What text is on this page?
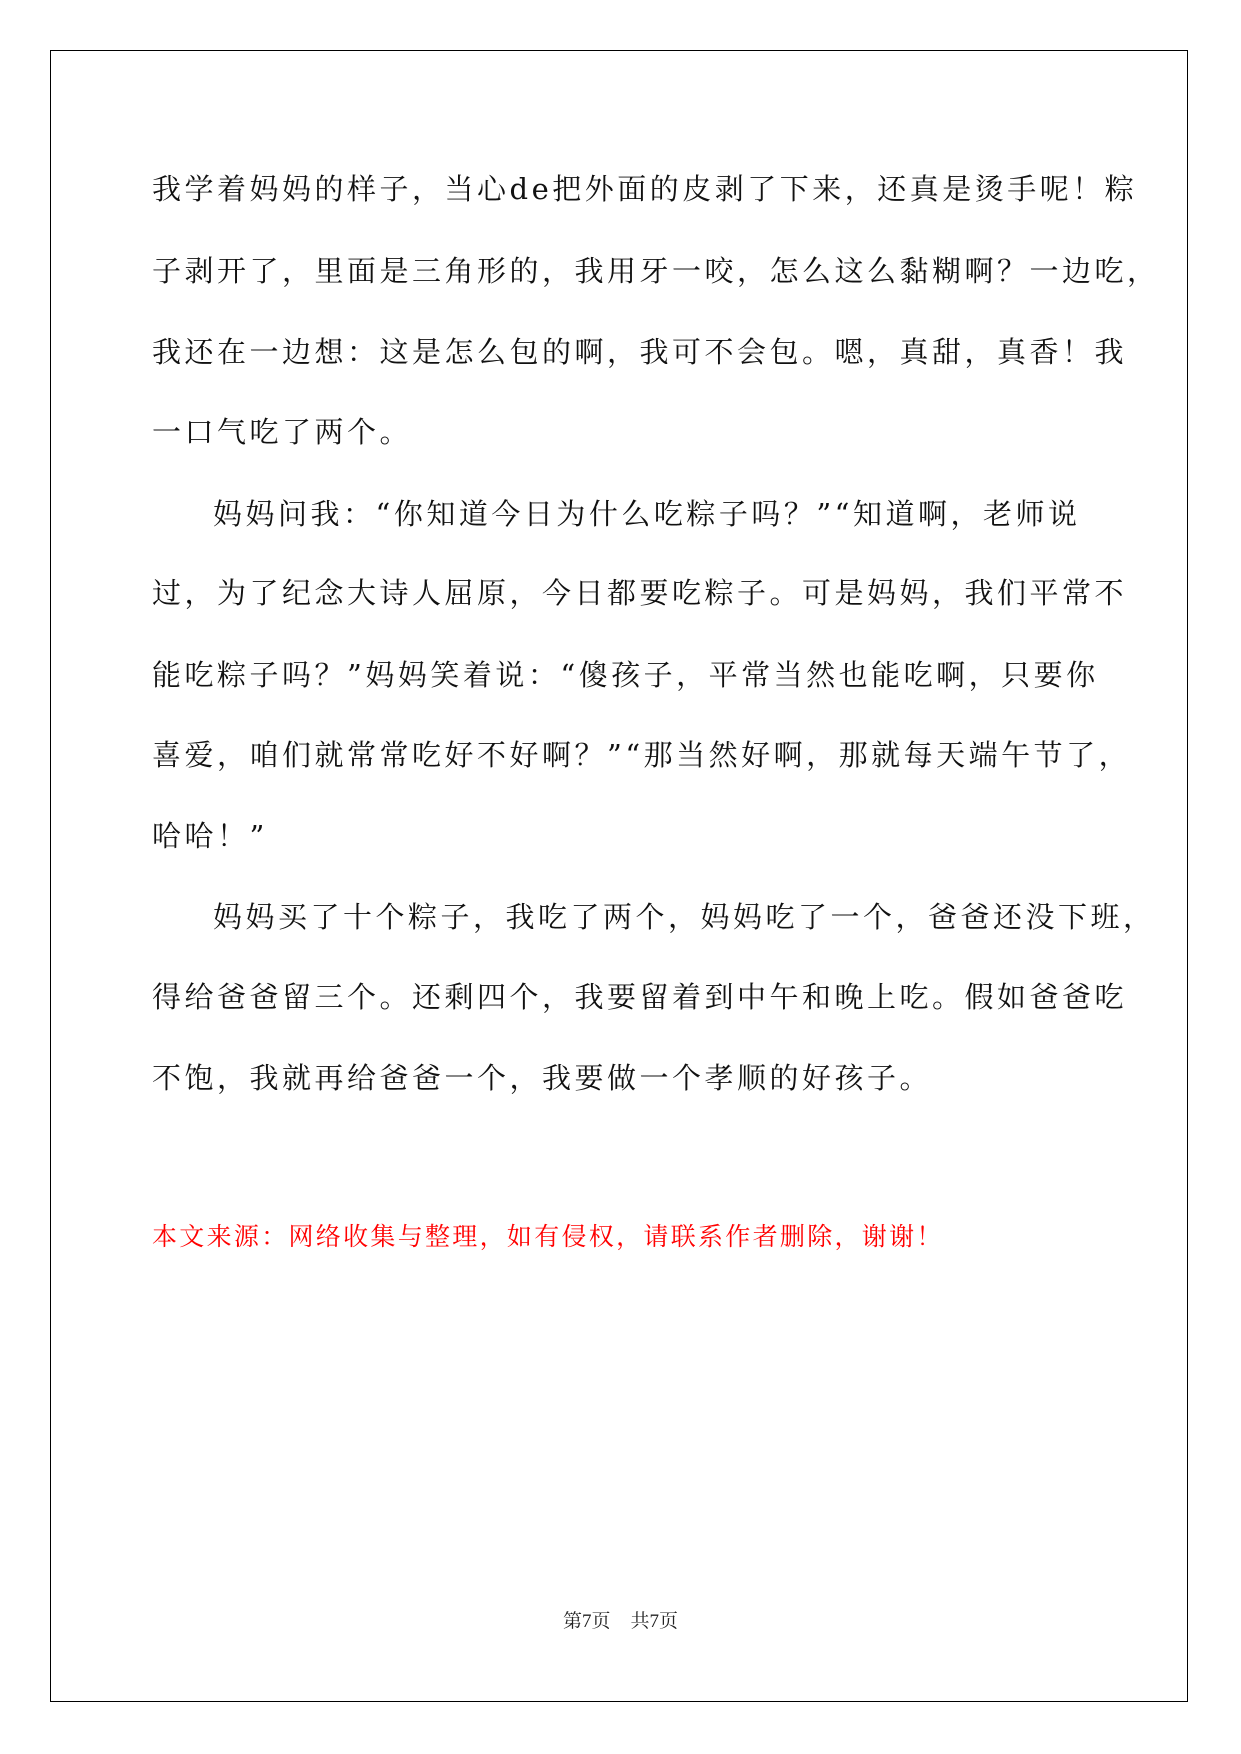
我学着妈妈的样子，当心de把外面的皮剥了下来，还真是烫手呢！粽
子剥开了，里面是三角形的，我用牙一咬，怎么这么黏糊啊？一边吃，
我还在一边想：这是怎么包的啊，我可不会包。嗯，真甜，真香！我
一口气吃了两个。
妈妈问我：“你知道今日为什么吃粽子吗？”“知道啊，老师说
过，为了纪念大诗人屈原，今日都要吃粽子。可是妈妈，我们平常不
能吃粽子吗？”妈妈笑着说：“傻孩子，平常当然也能吃啊，只要你
喜爱，咱们就常常吃好不好啊？”“那当然好啊，那就每天端午节了，
哈哈！”
妈妈买了十个粽子，我吃了两个，妈妈吃了一个，爸爸还没下班，
得给爸爸留三个。还剩四个，我要留着到中午和晚上吃。假如爸爸吃
不饱，我就再给爸爸一个，我要做一个孝顺的好孩子。
本文来源：网络收集与整理，如有侵权，请联系作者删除，谢谢！
第7页 共7页
